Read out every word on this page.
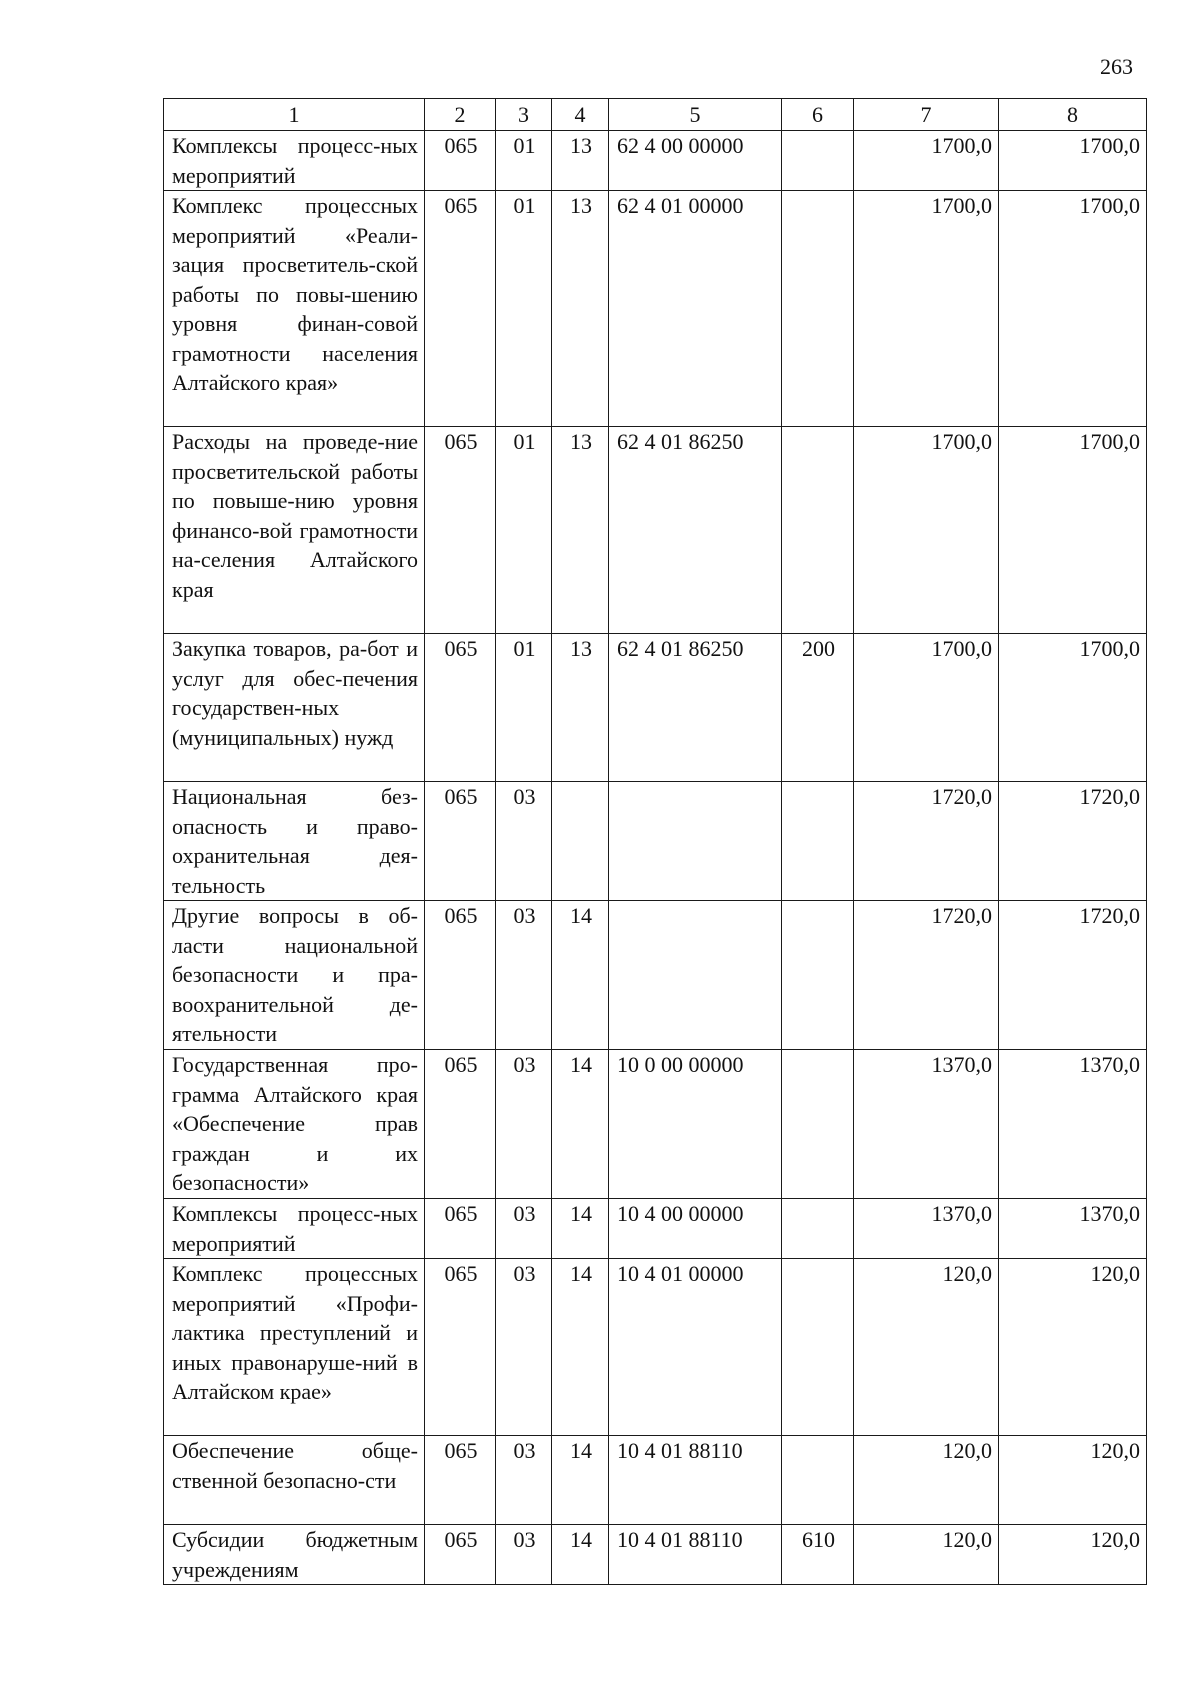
263
1	2	3	4	5	6	7	8
Комплексы процесс-ных мероприятий	065	01	13	62 4 00 00000		1700,0	1700,0
Комплекс процессных мероприятий «Реали-зация просветитель-ской работы по повы-шению уровня финан-совой грамотности населения Алтайского края»	065	01	13	62 4 01 00000		1700,0	1700,0
Расходы на проведе-ние просветительской работы по повыше-нию уровня финансо-вой грамотности на-селения Алтайского края	065	01	13	62 4 01 86250		1700,0	1700,0
Закупка товаров, ра-бот и услуг для обес-печения государствен-ных (муниципальных) нужд	065	01	13	62 4 01 86250	200	1700,0	1700,0
Национальная без-опасность и право-охранительная дея-тельность	065	03				1720,0	1720,0
Другие вопросы в об-ласти национальной безопасности и пра-воохранительной де-ятельности	065	03	14			1720,0	1720,0
Государственная про-грамма Алтайского края «Обеспечение прав граждан и их безопасности»	065	03	14	10 0 00 00000		1370,0	1370,0
Комплексы процесс-ных мероприятий	065	03	14	10 4 00 00000		1370,0	1370,0
Комплекс процессных мероприятий «Профи-лактика преступлений и иных правонаруше-ний в Алтайском крае»	065	03	14	10 4 01 00000		120,0	120,0
Обеспечение обще-ственной безопасно-сти	065	03	14	10 4 01 88110		120,0	120,0
Субсидии бюджетным учреждениям	065	03	14	10 4 01 88110	610	120,0	120,0
